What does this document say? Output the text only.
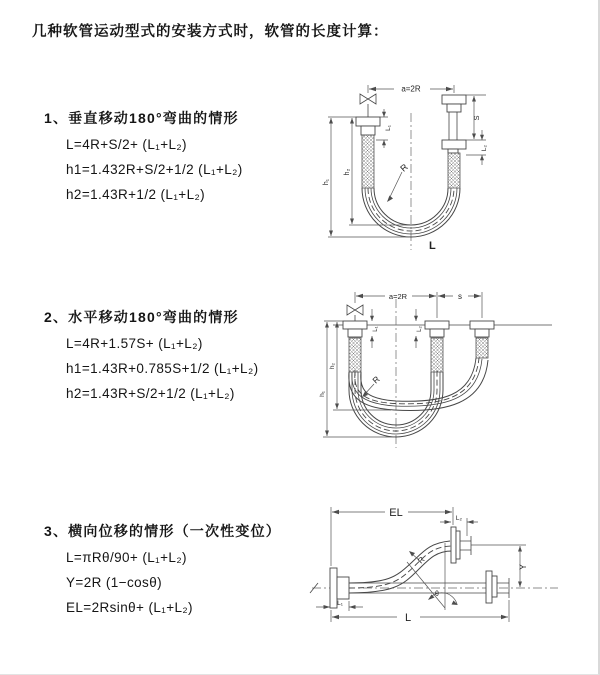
几种软管运动型式的安装方式时，软管的长度计算：
1、垂直移动180°弯曲的情形

L=4R+S/2+ (L₁+L₂)

h1=1.432R+S/2+1/2 (L₁+L₂)

h2=1.43R+1/2 (L₁+L₂)

2、水平移动180°弯曲的情形

L=4R+1.57S+ (L₁+L₂)

h1=1.43R+0.785S+1/2 (L₁+L₂)

h2=1.43R+S/2+1/2 (L₁+L₂)

3、横向位移的情形（一次性变位）

L=πRθ/90+ (L₁+L₂)

Y=2R (1−cosθ)

EL=2Rsinθ+ (L₁+L₂)

a=2R
L₁
S
L₂
h₂
h₁
R
L
a=2R	s
L₁	L₂
h₂
h₁
R
EL	L₂
Y
θ
R
L₁
L
